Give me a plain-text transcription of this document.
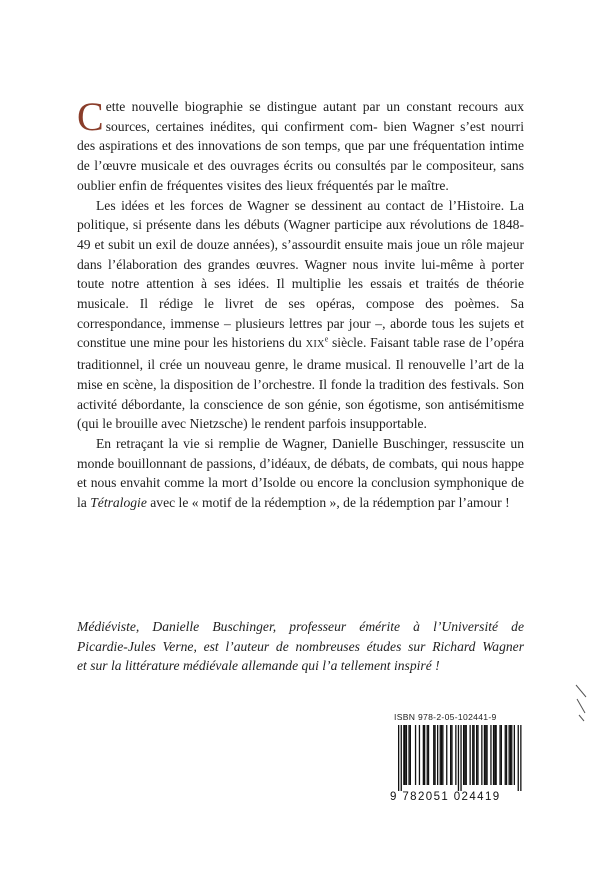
Cette nouvelle biographie se distingue autant par un constant recours aux sources, certaines inédites, qui confirment com- bien Wagner s’est nourri des aspirations et des innovations de son temps, que par une fréquentation intime de l’œuvre musicale et des ouvrages écrits ou consultés par le compositeur, sans oublier enfin de fréquentes visites des lieux fréquentés par le maître.

Les idées et les forces de Wagner se dessinent au contact de l’Histoire. La politique, si présente dans les débuts (Wagner participe aux révolutions de 1848-49 et subit un exil de douze années), s’assourdit ensuite mais joue un rôle majeur dans l’élaboration des grandes œuvres. Wagner nous invite lui-même à porter toute notre attention à ses idées. Il multiplie les essais et traités de théorie musicale. Il rédige le livret de ses opéras, compose des poèmes. Sa correspondance, immense – plusieurs lettres par jour –, aborde tous les sujets et constitue une mine pour les historiens du XIXe siècle. Faisant table rase de l’opéra traditionnel, il crée un nouveau genre, le drame musical. Il renouvelle l’art de la mise en scène, la disposition de l’orchestre. Il fonde la tradition des festivals. Son activité débordante, la conscience de son génie, son égotisme, son antisémitisme (qui le brouille avec Nietzsche) le rendent parfois insupportable.

En retraçant la vie si remplie de Wagner, Danielle Buschinger, ressuscite un monde bouillonnant de passions, d’idéaux, de débats, de combats, qui nous happe et nous envahit comme la mort d’Isolde ou encore la conclusion symphonique de la Tétralogie avec le « motif de la rédemption », de la rédemption par l’amour !

Médiéviste, Danielle Buschinger, professeur émérite à l’Université de
Picardie-Jules Verne, est l’auteur de nombreuses études sur Richard Wagner
et sur la littérature médiévale allemande qui l’a tellement inspiré !
ISBN 978-2-05-102441-9
9 782051 024419
